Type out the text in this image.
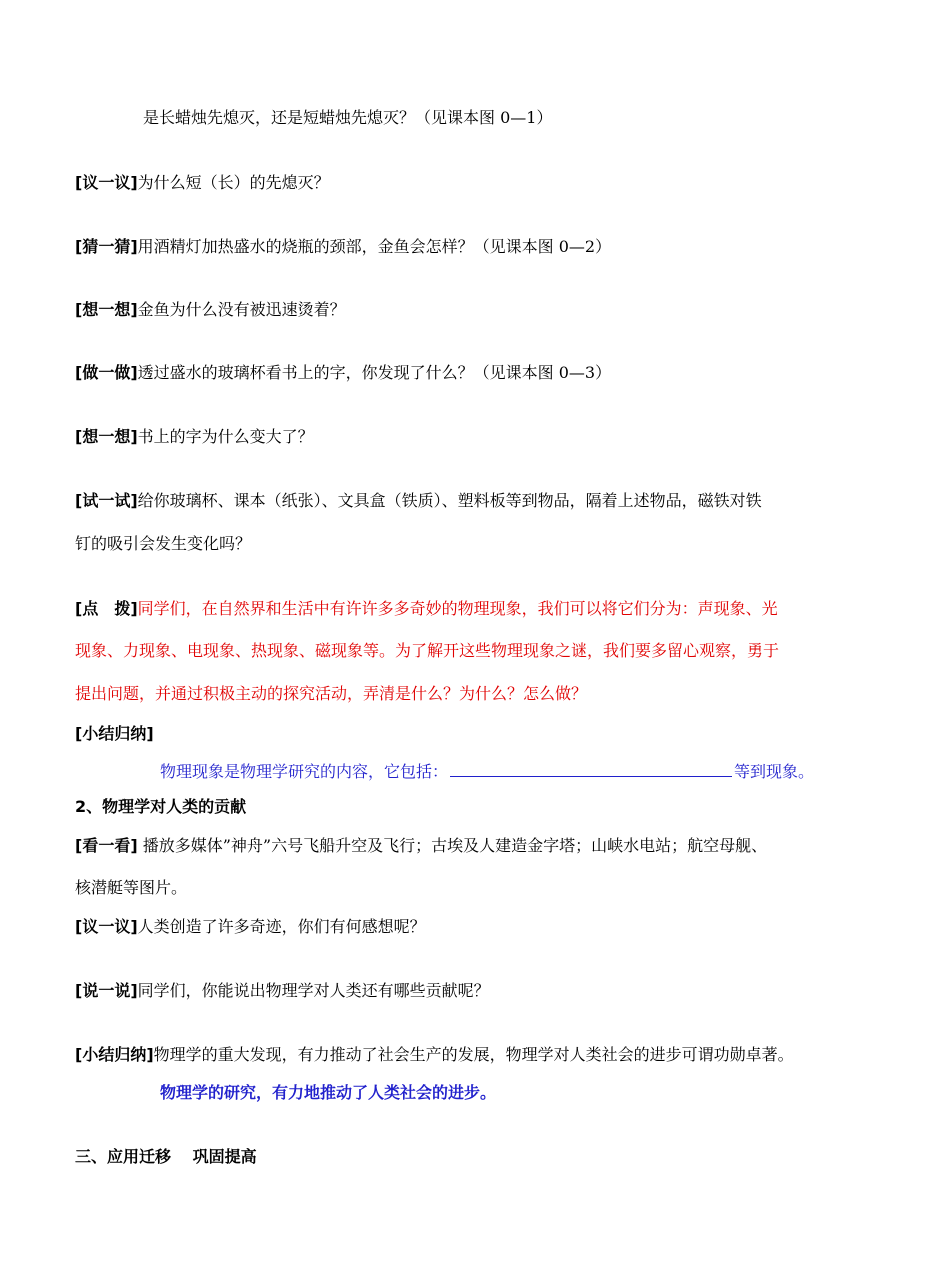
是长蜡烛先熄灭，还是短蜡烛先熄灭？（见课本图 0—1）
[议一议]为什么短（长）的先熄灭？
[猜一猜]用酒精灯加热盛水的烧瓶的颈部，金鱼会怎样？（见课本图 0—2）
[想一想]金鱼为什么没有被迅速烫着？
[做一做]透过盛水的玻璃杯看书上的字，你发现了什么？（见课本图 0—3）
[想一想]书上的字为什么变大了？
[试一试]给你玻璃杯、课本（纸张）、文具盒（铁质）、塑料板等到物品，隔着上述物品，磁铁对铁
钉的吸引会发生变化吗？
[点　拨]同学们，在自然界和生活中有许许多多奇妙的物理现象，我们可以将它们分为：声现象、光
现象、力现象、电现象、热现象、磁现象等。为了解开这些物理现象之谜，我们要多留心观察，勇于
提出问题，并通过积极主动的探究活动，弄清是什么？为什么？怎么做？
[小结归纳]
物理现象是物理学研究的内容，它包括：	等到现象。
2、物理学对人类的贡献
[看一看] 播放多媒体”神舟”六号飞船升空及飞行；古埃及人建造金字塔；山峡水电站；航空母舰、
核潜艇等图片。
[议一议]人类创造了许多奇迹，你们有何感想呢？
[说一说]同学们，你能说出物理学对人类还有哪些贡献呢？
[小结归纳]物理学的重大发现，有力推动了社会生产的发展，物理学对人类社会的进步可谓功勋卓著。
物理学的研究，有力地推动了人类社会的进步。
三、应用迁移　 巩固提高
